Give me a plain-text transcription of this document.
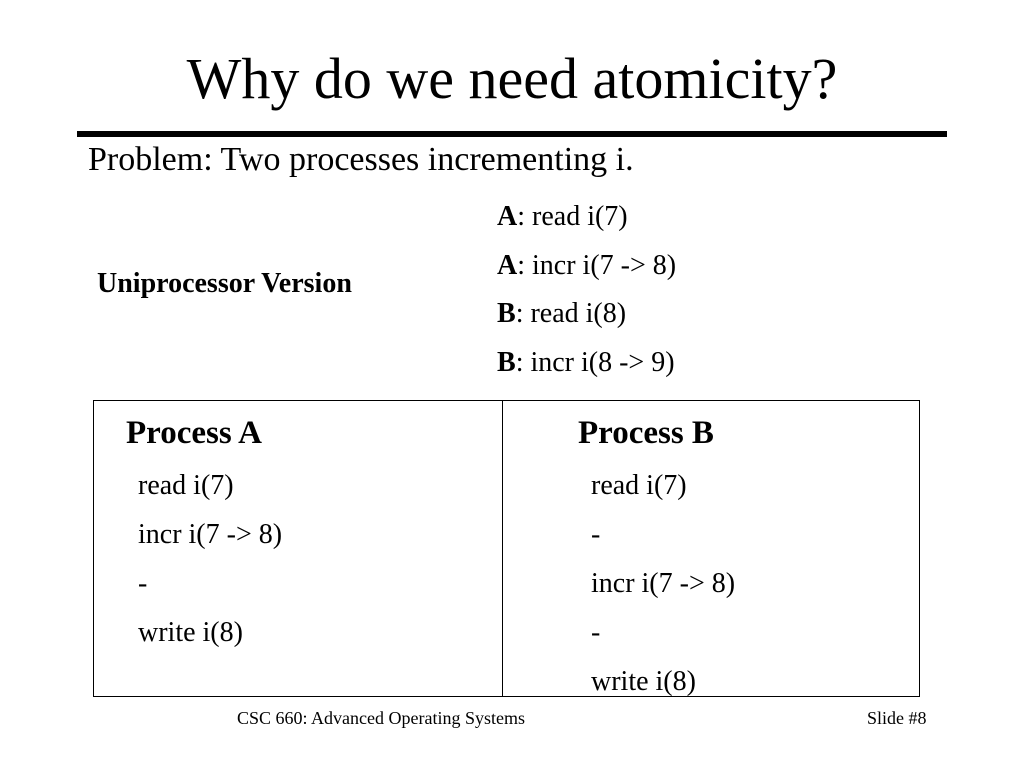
Why do we need atomicity?
Problem: Two processes incrementing i.
Uniprocessor Version
A: read i(7)
A: incr i(7 -> 8)
B: read i(8)
B: incr i(8 -> 9)
Process A	Process B
read i(7)
incr i(7 -> 8)
-
write i(8)
read i(7)
-
incr i(7 -> 8)
-
write i(8)
CSC 660: Advanced Operating Systems	Slide #8
